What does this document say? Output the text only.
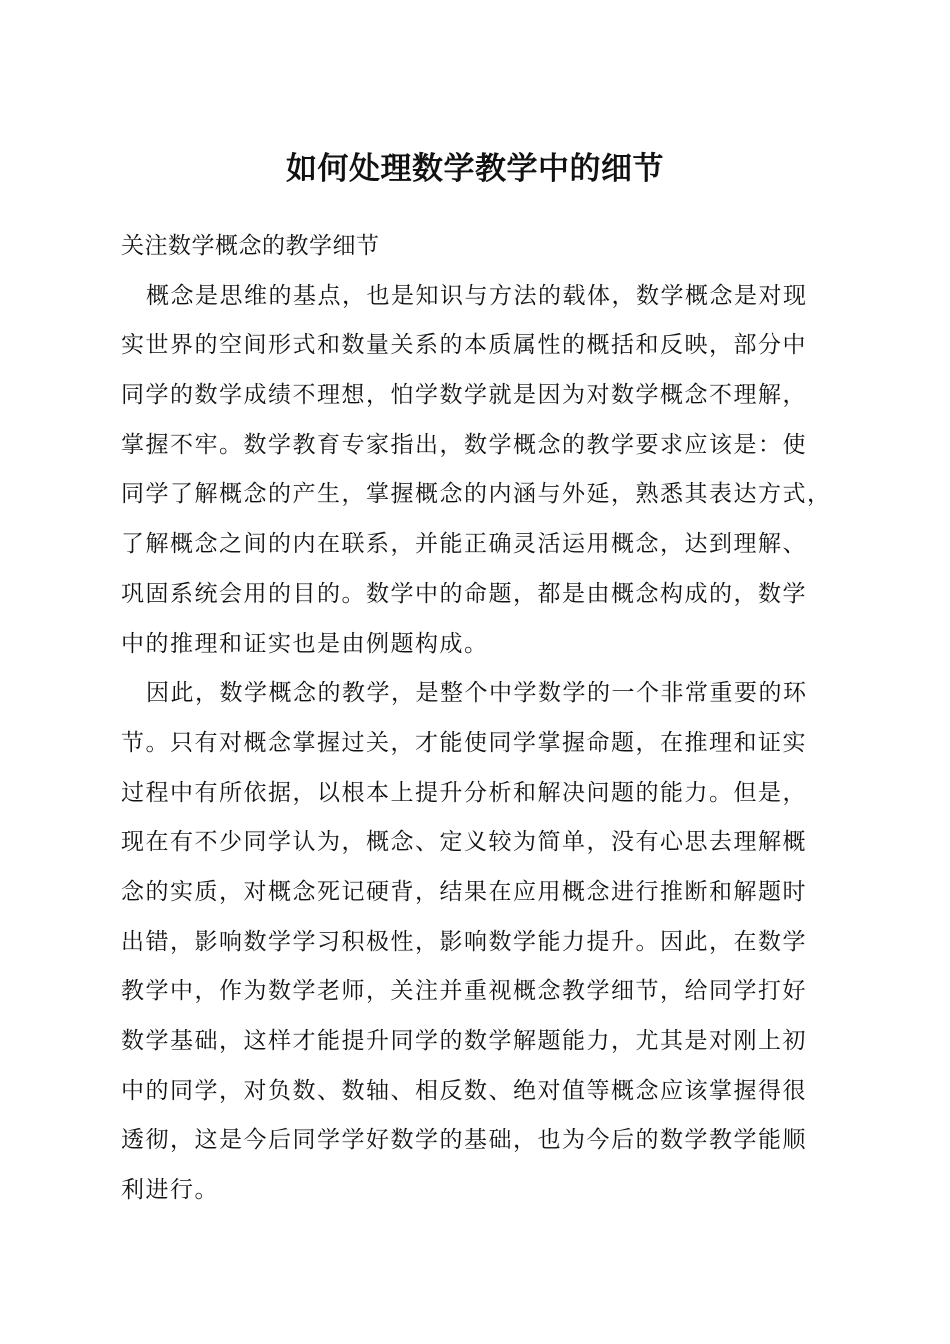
如何处理数学教学中的细节
关注数学概念的教学细节
概念是思维的基点，也是知识与方法的载体，数学概念是对现
实世界的空间形式和数量关系的本质属性的概括和反映，部分中
同学的数学成绩不理想，怕学数学就是因为对数学概念不理解，
掌握不牢。数学教育专家指出，数学概念的教学要求应该是：使
同学了解概念的产生，掌握概念的内涵与外延，熟悉其表达方式，
了解概念之间的内在联系，并能正确灵活运用概念，达到理解、
巩固系统会用的目的。数学中的命题，都是由概念构成的，数学
中的推理和证实也是由例题构成。
因此，数学概念的教学，是整个中学数学的一个非常重要的环
节。只有对概念掌握过关，才能使同学掌握命题，在推理和证实
过程中有所依据，以根本上提升分析和解决问题的能力。但是，
现在有不少同学认为，概念、定义较为简单，没有心思去理解概
念的实质，对概念死记硬背，结果在应用概念进行推断和解题时
出错，影响数学学习积极性，影响数学能力提升。因此，在数学
教学中，作为数学老师，关注并重视概念教学细节，给同学打好
数学基础，这样才能提升同学的数学解题能力，尤其是对刚上初
中的同学，对负数、数轴、相反数、绝对值等概念应该掌握得很
透彻，这是今后同学学好数学的基础，也为今后的数学教学能顺
利进行。
